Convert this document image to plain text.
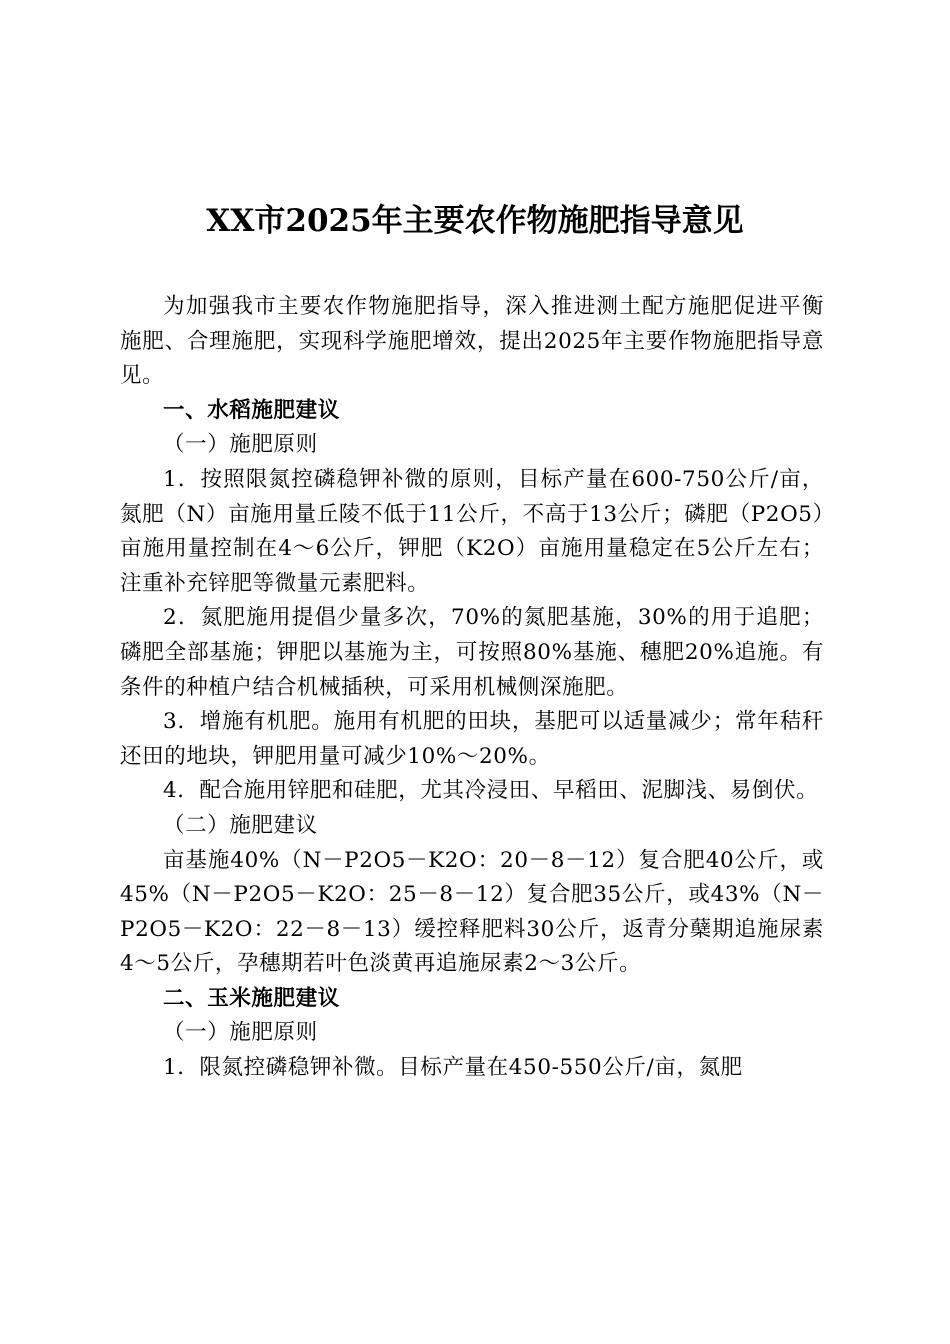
XX市2025年主要农作物施肥指导意见

为加强我市主要农作物施肥指导，深入推进测土配方施肥促进平衡施肥、合理施肥，实现科学施肥增效，提出2025年主要作物施肥指导意见。

一、水稻施肥建议
（一）施肥原则

1．按照限氮控磷稳钾补微的原则，目标产量在600-750公斤/亩，氮肥（N）亩施用量丘陵不低于11公斤，不高于13公斤；磷肥（P2O5）亩施用量控制在4～6公斤，钾肥（K2O）亩施用量稳定在5公斤左右；注重补充锌肥等微量元素肥料。

2．氮肥施用提倡少量多次，70%的氮肥基施，30%的用于追肥；磷肥全部基施；钾肥以基施为主，可按照80%基施、穗肥20%追施。有条件的种植户结合机械插秧，可采用机械侧深施肥。

3．增施有机肥。施用有机肥的田块，基肥可以适量减少；常年秸秆还田的地块，钾肥用量可减少10%～20%。

4．配合施用锌肥和硅肥，尤其冷浸田、早稻田、泥脚浅、易倒伏。

（二）施肥建议

亩基施40%（N－P2O5－K2O：20－8－12）复合肥40公斤，或45%（N－P2O5－K2O：25－8－12）复合肥35公斤，或43%（N－P2O5－K2O：22－8－13）缓控释肥料30公斤，返青分蘖期追施尿素4～5公斤，孕穗期若叶色淡黄再追施尿素2～3公斤。

二、玉米施肥建议
（一）施肥原则

1．限氮控磷稳钾补微。目标产量在450-550公斤/亩，氮肥
